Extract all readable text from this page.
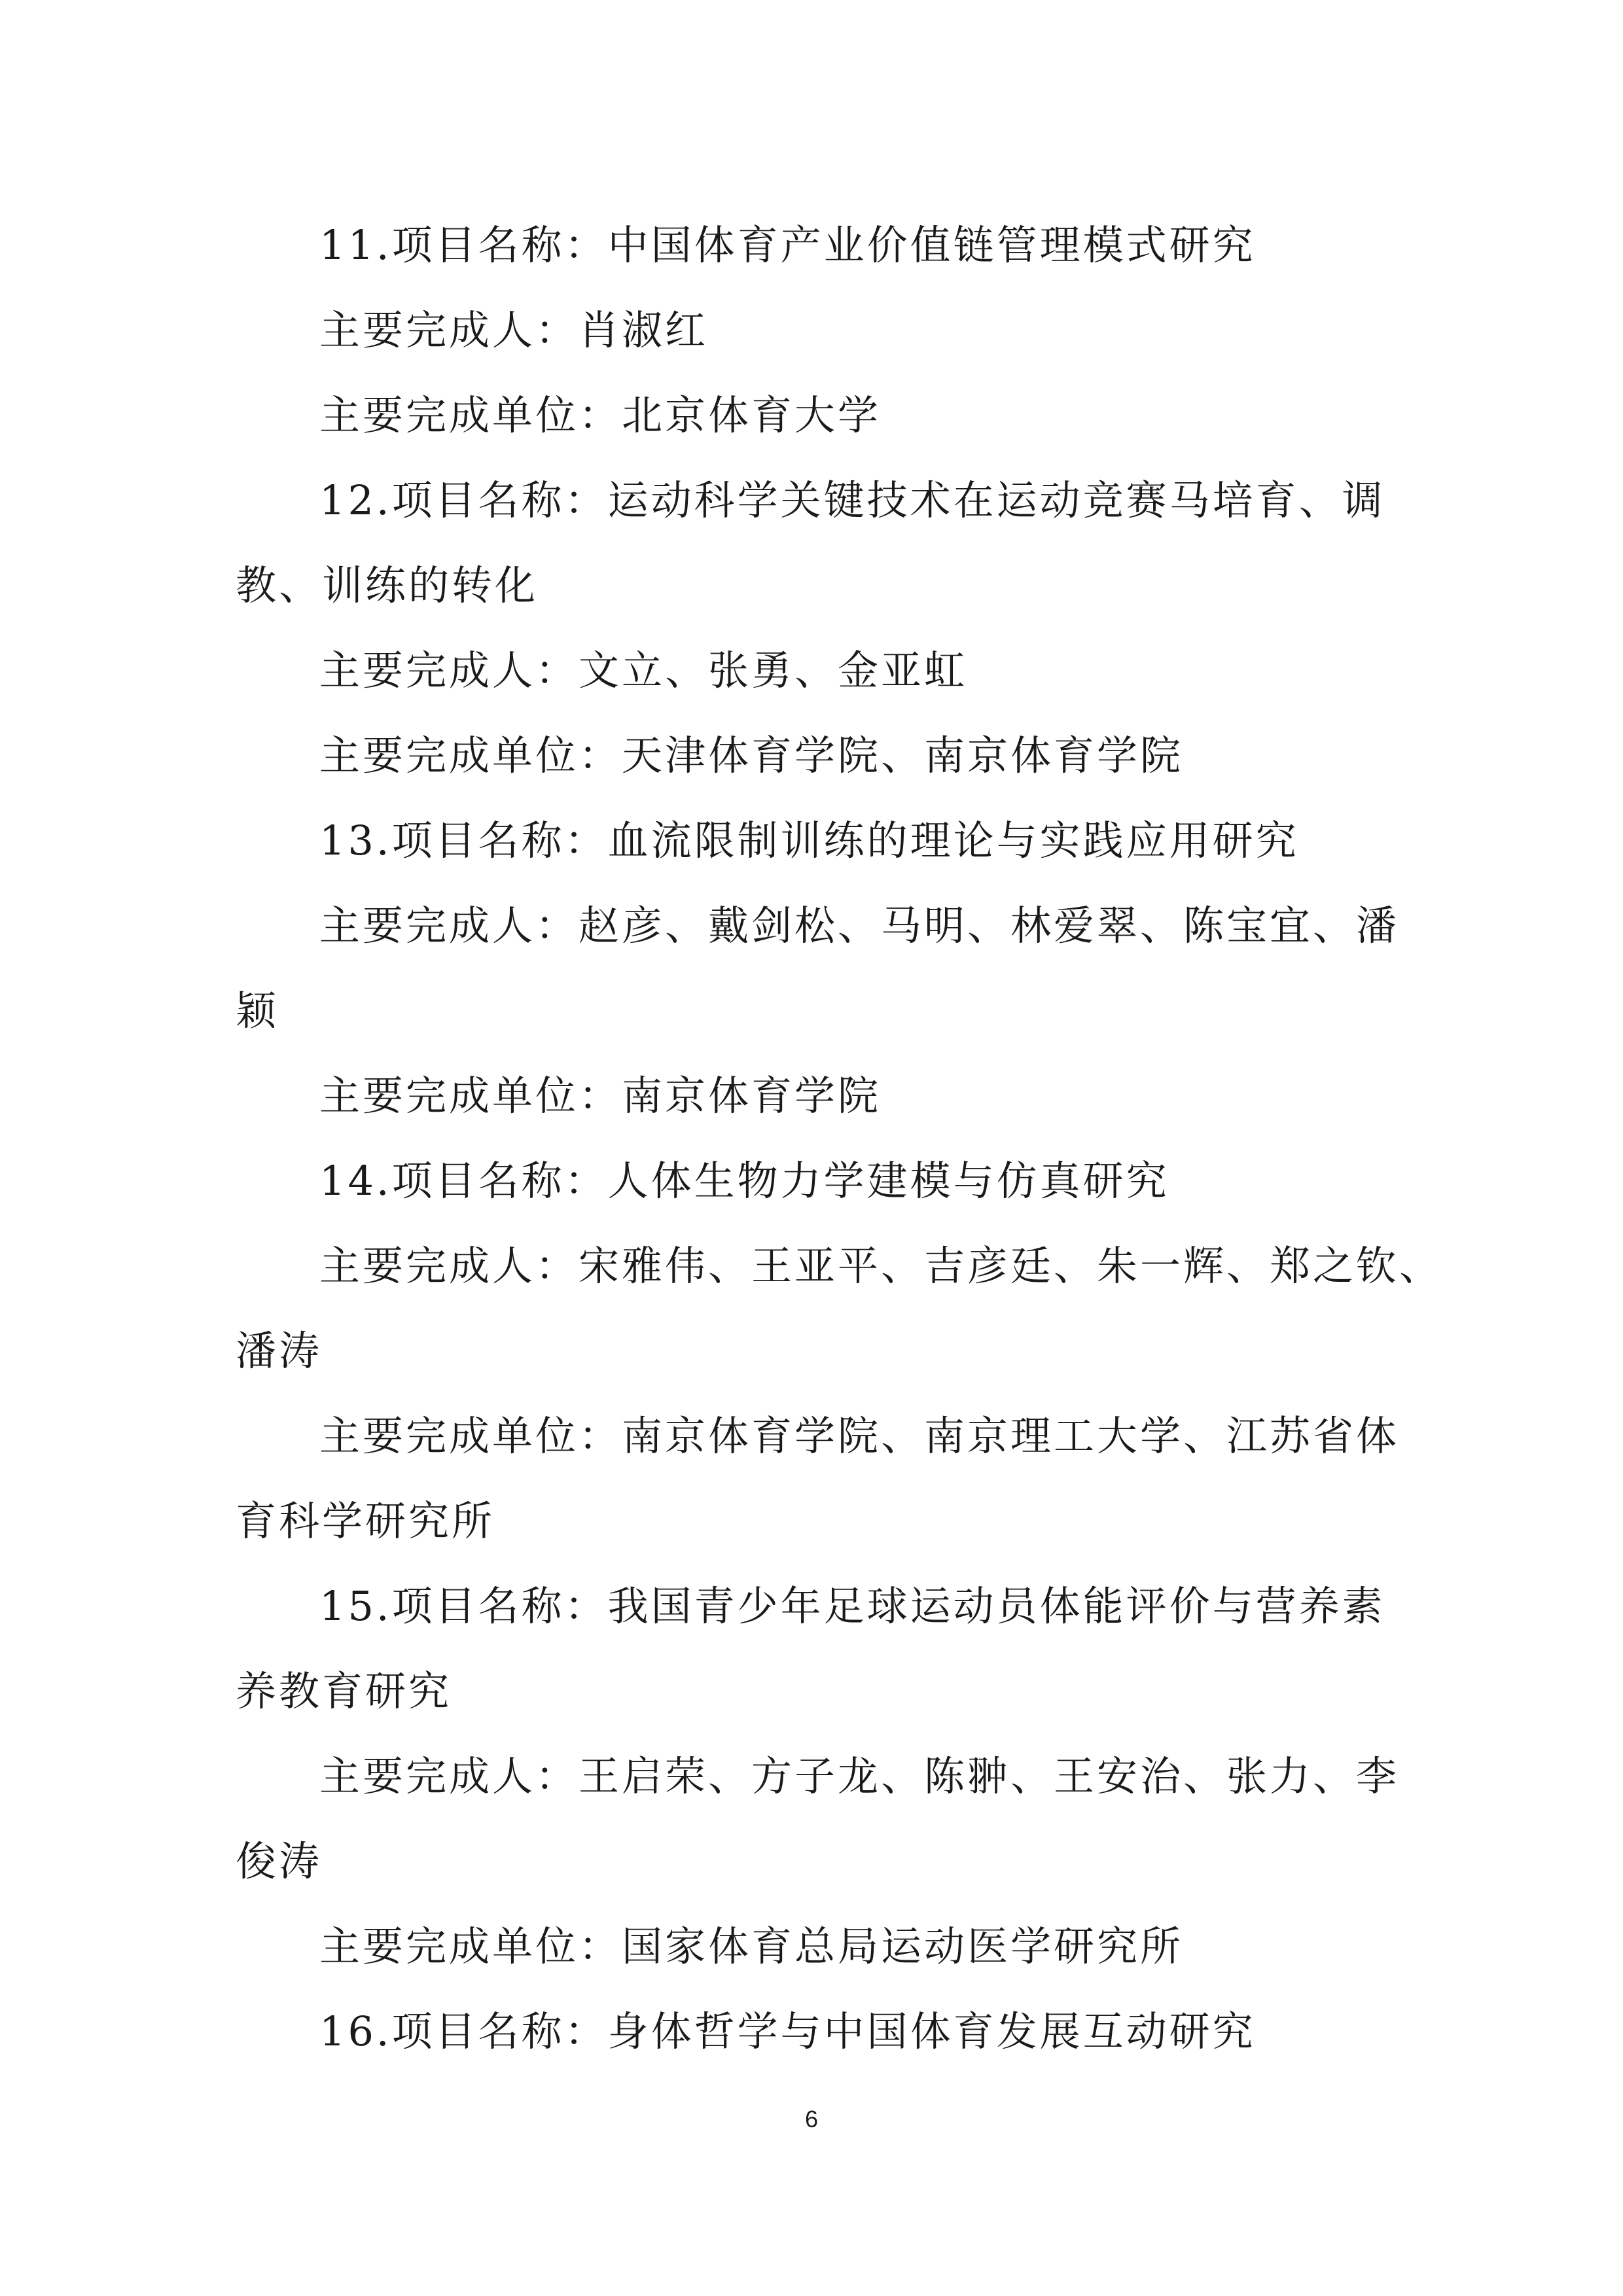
11.项目名称：中国体育产业价值链管理模式研究
主要完成人：肖淑红
主要完成单位：北京体育大学
12.项目名称：运动科学关键技术在运动竞赛马培育、调
教、训练的转化
主要完成人：文立、张勇、金亚虹
主要完成单位：天津体育学院、南京体育学院
13.项目名称：血流限制训练的理论与实践应用研究
主要完成人：赵彦、戴剑松、马明、林爱翠、陈宝宜、潘
颖
主要完成单位：南京体育学院
14.项目名称：人体生物力学建模与仿真研究
主要完成人：宋雅伟、王亚平、吉彦廷、朱一辉、郑之钦、
潘涛
主要完成单位：南京体育学院、南京理工大学、江苏省体
育科学研究所
15.项目名称：我国青少年足球运动员体能评价与营养素
养教育研究
主要完成人：王启荣、方子龙、陈翀、王安治、张力、李
俊涛
主要完成单位：国家体育总局运动医学研究所
16.项目名称：身体哲学与中国体育发展互动研究
6
